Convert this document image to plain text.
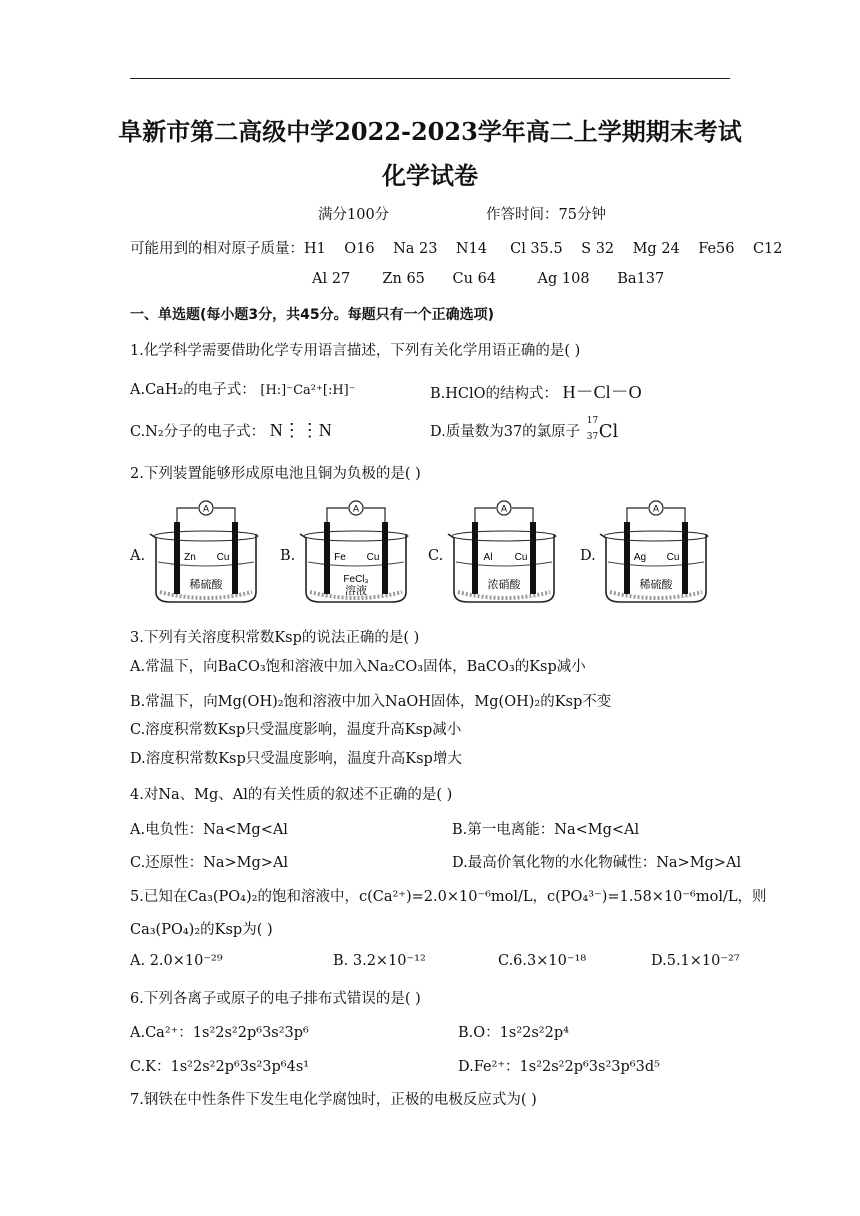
阜新市第二高级中学2022-2023学年高二上学期期末考试
化学试卷
满分100分	作答时间：75分钟
可能用到的相对原子质量：H1    O16    Na 23    N14     Cl 35.5    S 32    Mg 24    Fe56    C12
Al 27       Zn 65      Cu 64         Ag 108      Ba137
一、单选题(每小题3分，共45分。每题只有一个正确选项)
1.化学科学需要借助化学专用语言描述，下列有关化学用语正确的是( )
A.CaH₂的电子式： [H:]⁻Ca²⁺[:H]⁻	B.HClO的结构式： H－Cl－O
C.N₂分子的电子式： N⋮⋮N	D.质量数为37的氯原子
17
37 Cl
2.下列装置能够形成原电池且铜为负极的是( )
A.
A
Zn Cu
稀硫酸
B.
A
Fe Cu
FeCl₃
溶液
C.
A
Al Cu
浓硝酸
D.
A
Ag Cu
稀硫酸
3.下列有关溶度积常数Ksp的说法正确的是( )
A.常温下，向BaCO₃饱和溶液中加入Na₂CO₃固体，BaCO₃的Ksp减小
B.常温下，向Mg(OH)₂饱和溶液中加入NaOH固体，Mg(OH)₂的Ksp不变
C.溶度积常数Ksp只受温度影响，温度升高Ksp减小
D.溶度积常数Ksp只受温度影响，温度升高Ksp增大
4.对Na、Mg、Al的有关性质的叙述不正确的是( )
A.电负性：Na<Mg<Al	B.第一电离能：Na<Mg<Al
C.还原性：Na>Mg>Al	D.最高价氧化物的水化物碱性：Na>Mg>Al
5.已知在Ca₃(PO₄)₂的饱和溶液中，c(Ca²⁺)=2.0×10⁻⁶mol/L，c(PO₄³⁻)=1.58×10⁻⁶mol/L，则
Ca₃(PO₄)₂的Ksp为( )
A. 2.0×10⁻²⁹	B. 3.2×10⁻¹²	C.6.3×10⁻¹⁸	D.5.1×10⁻²⁷
6.下列各离子或原子的电子排布式错误的是( )
A.Ca²⁺：1s²2s²2p⁶3s²3p⁶	B.O：1s²2s²2p⁴
C.K：1s²2s²2p⁶3s²3p⁶4s¹	D.Fe²⁺：1s²2s²2p⁶3s²3p⁶3d⁵
7.钢铁在中性条件下发生电化学腐蚀时，正极的电极反应式为( )
